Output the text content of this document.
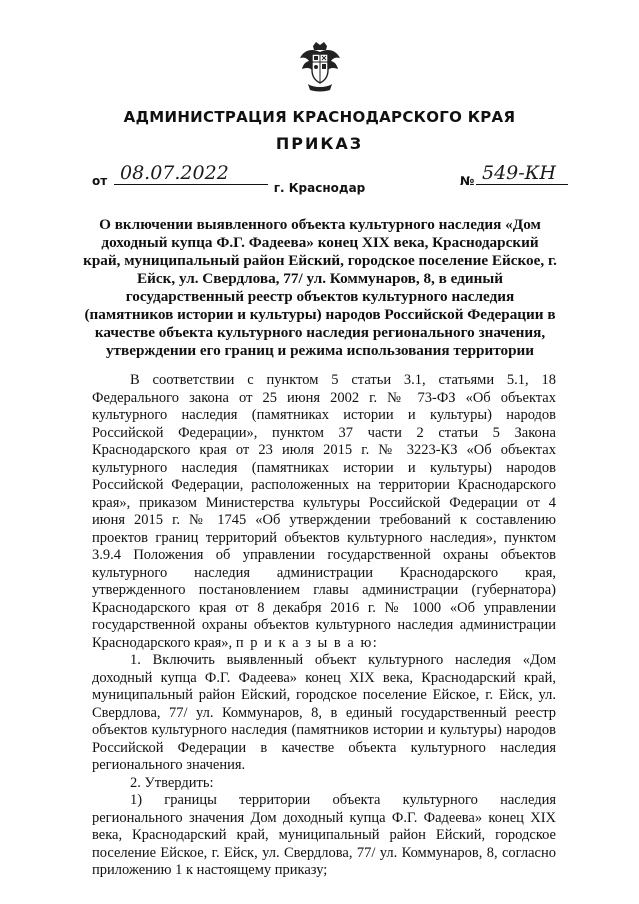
АДМИНИСТРАЦИЯ КРАСНОДАРСКОГО КРАЯ
ПРИКАЗ
от 08.07.2022	№ 549-КН
г. Краснодар
О включении выявленного объекта культурного наследия «Дом доходный купца Ф.Г. Фадеева» конец XIX века, Краснодарский край, муниципальный район Ейский, городское поселение Ейское, г. Ейск, ул. Свердлова, 77/ ул. Коммунаров, 8, в единый государственный реестр объектов культурного наследия (памятников истории и культуры) народов Российской Федерации в качестве объекта культурного наследия регионального значения, утверждении его границ и режима использования территории

В соответствии с пунктом 5 статьи 3.1, статьями 5.1, 18 Федерального закона от 25 июня 2002 г. № 73-ФЗ «Об объектах культурного наследия (памятниках истории и культуры) народов Российской Федерации», пунктом 37 части 2 статьи 5 Закона Краснодарского края от 23 июля 2015 г. № 3223-КЗ «Об объектах культурного наследия (памятниках истории и культуры) народов Российской Федерации, расположенных на территории Краснодарского края», приказом Министерства культуры Российской Федерации от 4 июня 2015 г. № 1745 «Об утверждении требований к составлению проектов границ территорий объектов культурного наследия», пунктом 3.9.4 Положения об управлении государственной охраны объектов культурного наследия администрации Краснодарского края, утвержденного постановлением главы администрации (губернатора) Краснодарского края от 8 декабря 2016 г. № 1000 «Об управлении государственной охраны объектов культурного наследия администрации Краснодарского края», п р и к а з ы в а ю:

1. Включить выявленный объект культурного наследия «Дом доходный купца Ф.Г. Фадеева» конец XIX века, Краснодарский край, муниципальный район Ейский, городское поселение Ейское, г. Ейск, ул. Свердлова, 77/ ул. Коммунаров, 8, в единый государственный реестр объектов культурного наследия (памятников истории и культуры) народов Российской Федерации в качестве объекта культурного наследия регионального значения.

2. Утвердить:

1) границы территории объекта культурного наследия регионального значения Дом доходный купца Ф.Г. Фадеева» конец XIX века, Краснодарский край, муниципальный район Ейский, городское поселение Ейское, г. Ейск, ул. Свердлова, 77/ ул. Коммунаров, 8, согласно приложению 1 к настоящему приказу;
